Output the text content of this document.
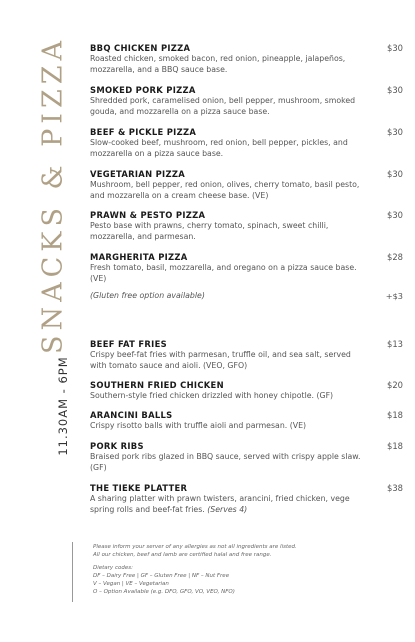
SNACKS & PIZZA
11.30AM - 6PM
BBQ CHICKEN PIZZA
Roasted chicken, smoked bacon, red onion, pineapple, jalapeños, mozzarella, and a BBQ sauce base.
$30
SMOKED PORK PIZZA
Shredded pork, caramelised onion, bell pepper, mushroom, smoked gouda, and mozzarella on a pizza sauce base.
$30
BEEF & PICKLE PIZZA
Slow-cooked beef, mushroom, red onion, bell pepper, pickles, and mozzarella on a pizza sauce base.
$30
VEGETARIAN PIZZA
Mushroom, bell pepper, red onion, olives, cherry tomato, basil pesto, and mozzarella on a cream cheese base. (VE)
$30
PRAWN & PESTO PIZZA
Pesto base with prawns, cherry tomato, spinach, sweet chilli, mozzarella, and parmesan.
$30
MARGHERITA PIZZA
Fresh tomato, basil, mozzarella, and oregano on a pizza sauce base. (VE)
$28
(Gluten free option available)	+$3
BEEF FAT FRIES
Crispy beef-fat fries with parmesan, truffle oil, and sea salt, served with tomato sauce and aioli. (VEO, GFO)
$13
SOUTHERN FRIED CHICKEN
Southern-style fried chicken drizzled with honey chipotle. (GF)
$20
ARANCINI BALLS
Crispy risotto balls with truffle aioli and parmesan. (VE)
$18
PORK RIBS
Braised pork ribs glazed in BBQ sauce, served with crispy apple slaw. (GF)
$18
THE TIEKE PLATTER
A sharing platter with prawn twisters, arancini, fried chicken, vege spring rolls and beef-fat fries. (Serves 4)
$38
Please inform your server of any allergies as not all ingredients are listed.
All our chicken, beef and lamb are certified halal and free range.
Dietary codes:
DF – Dairy Free | GF – Gluten Free | NF – Nut Free
V – Vegan | VE – Vegetarian
O – Option Available (e.g. DFO, GFO, VO, VEO, NFO)
